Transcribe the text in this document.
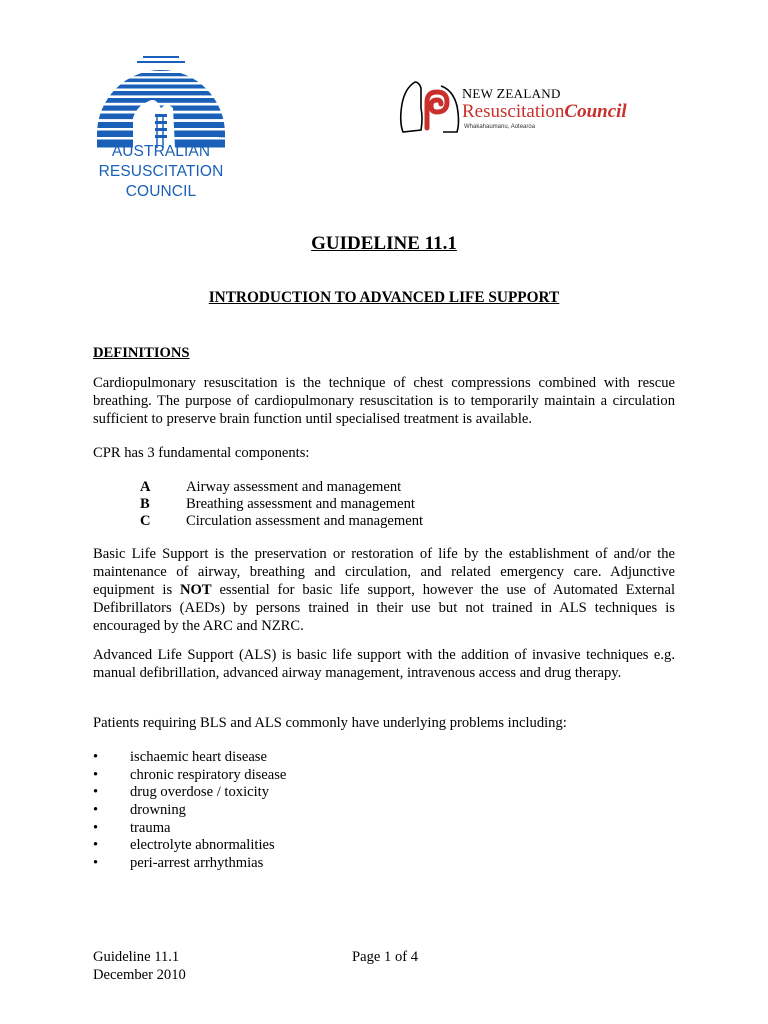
TM
AUSTRALIAN
RESUSCITATION
COUNCIL
NEW ZEALAND
ResuscitationCouncil
Whakahaumanu, Aotearoa
GUIDELINE 11.1
INTRODUCTION TO ADVANCED LIFE SUPPORT
DEFINITIONS
Cardiopulmonary resuscitation is the technique of chest compressions combined with rescue breathing. The purpose of cardiopulmonary resuscitation is to temporarily maintain a circulation sufficient to preserve brain function until specialised treatment is available.
CPR has 3 fundamental components:
A Airway assessment and management
B Breathing assessment and management
C Circulation assessment and management
Basic Life Support is the preservation or restoration of life by the establishment of and/or the maintenance of airway, breathing and circulation, and related emergency care. Adjunctive equipment is NOT essential for basic life support, however the use of Automated External Defibrillators (AEDs) by persons trained in their use but not trained in ALS techniques is encouraged by the ARC and NZRC.
Advanced Life Support (ALS) is basic life support with the addition of invasive techniques e.g. manual defibrillation, advanced airway management, intravenous access and drug therapy.
Patients requiring BLS and ALS commonly have underlying problems including:
• ischaemic heart disease
• chronic respiratory disease
• drug overdose / toxicity
• drowning
• trauma
• electrolyte abnormalities
• peri-arrest arrhythmias
Guideline 11.1
December 2010
Page 1 of 4
